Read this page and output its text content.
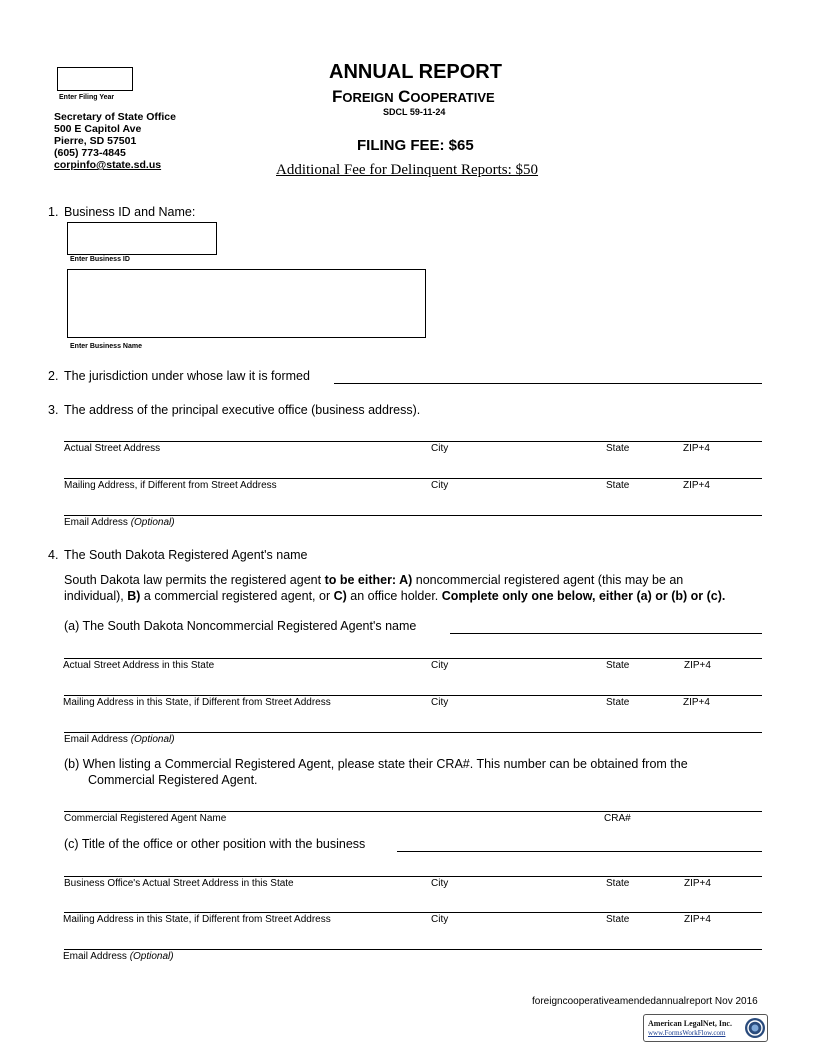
Enter Filing Year
Secretary of State Office
500 E Capitol Ave
Pierre, SD 57501
(605) 773-4845
corpinfo@state.sd.us
ANNUAL REPORT
FOREIGN COOPERATIVE
SDCL 59-11-24
FILING FEE: $65
Additional Fee for Delinquent Reports: $50
1. Business ID and Name:
Enter Business ID
Enter Business Name
2. The jurisdiction under whose law it is formed
3. The address of the principal executive office (business address).
Actual Street Address	City	State	ZIP+4
Mailing Address, if Different from Street Address	City	State	ZIP+4
Email Address (Optional)
4. The South Dakota Registered Agent's name
South Dakota law permits the registered agent to be either: A) noncommercial registered agent (this may be an
individual), B) a commercial registered agent, or C) an office holder. Complete only one below, either (a) or (b) or (c).
(a) The South Dakota Noncommercial Registered Agent's name
Actual Street Address in this State	City	State	ZIP+4
Mailing Address in this State, if Different from Street Address	City	State	ZIP+4
Email Address (Optional)
(b) When listing a Commercial Registered Agent, please state their CRA#. This number can be obtained from the
Commercial Registered Agent.
Commercial Registered Agent Name	CRA#
(c) Title of the office or other position with the business
Business Office's Actual Street Address in this State	City	State	ZIP+4
Mailing Address in this State, if Different from Street Address	City	State	ZIP+4
Email Address (Optional)
foreigncooperativeamendedannualreport Nov 2016
American LegalNet, Inc.
www.FormsWorkFlow.com
